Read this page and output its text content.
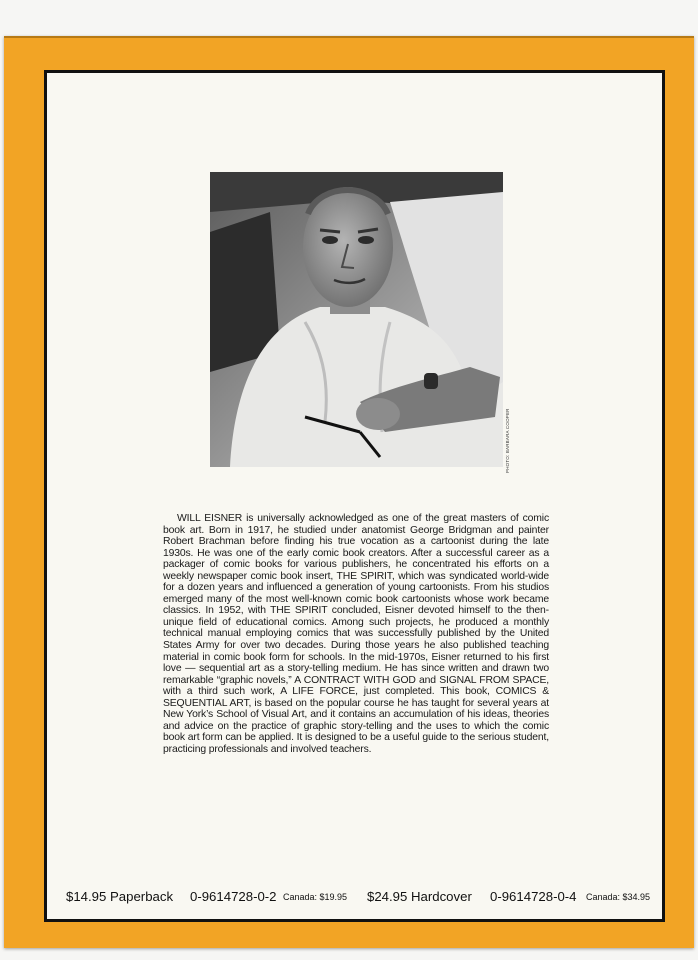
PHOTO: BARBARA COOPER

WILL EISNER is universally acknowledged as one of the great masters of comic book art. Born in 1917, he studied under anatomist George Bridgman and painter Robert Brachman before finding his true vocation as a cartoonist during the late 1930s. He was one of the early comic book creators. After a successful career as a packager of comic books for various publishers, he concentrated his efforts on a weekly newspaper comic book insert, THE SPIRIT, which was syndicated world-wide for a dozen years and influenced a generation of young cartoonists. From his studios emerged many of the most well-known comic book cartoonists whose work became classics. In 1952, with THE SPIRIT concluded, Eisner devoted himself to the then-unique field of educational comics. Among such projects, he produced a monthly technical manual employing comics that was successfully published by the United States Army for over two decades. During those years he also published teaching material in comic book form for schools. In the mid-1970s, Eisner returned to his first love — sequential art as a story-telling medium. He has since written and drawn two remarkable “graphic novels,” A CONTRACT WITH GOD and SIGNAL FROM SPACE, with a third such work, A LIFE FORCE, just completed. This book, COMICS & SEQUENTIAL ART, is based on the popular course he has taught for several years at New York’s School of Visual Art, and it contains an accumulation of his ideas, theories and advice on the practice of graphic story-telling and the uses to which the comic book art form can be applied. It is designed to be a useful guide to the serious student, practicing professionals and involved teachers.

$14.95 Paperback 0-9614728-0-2 Canada: $19.95 $24.95 Hardcover 0-9614728-0-4 Canada: $34.95
